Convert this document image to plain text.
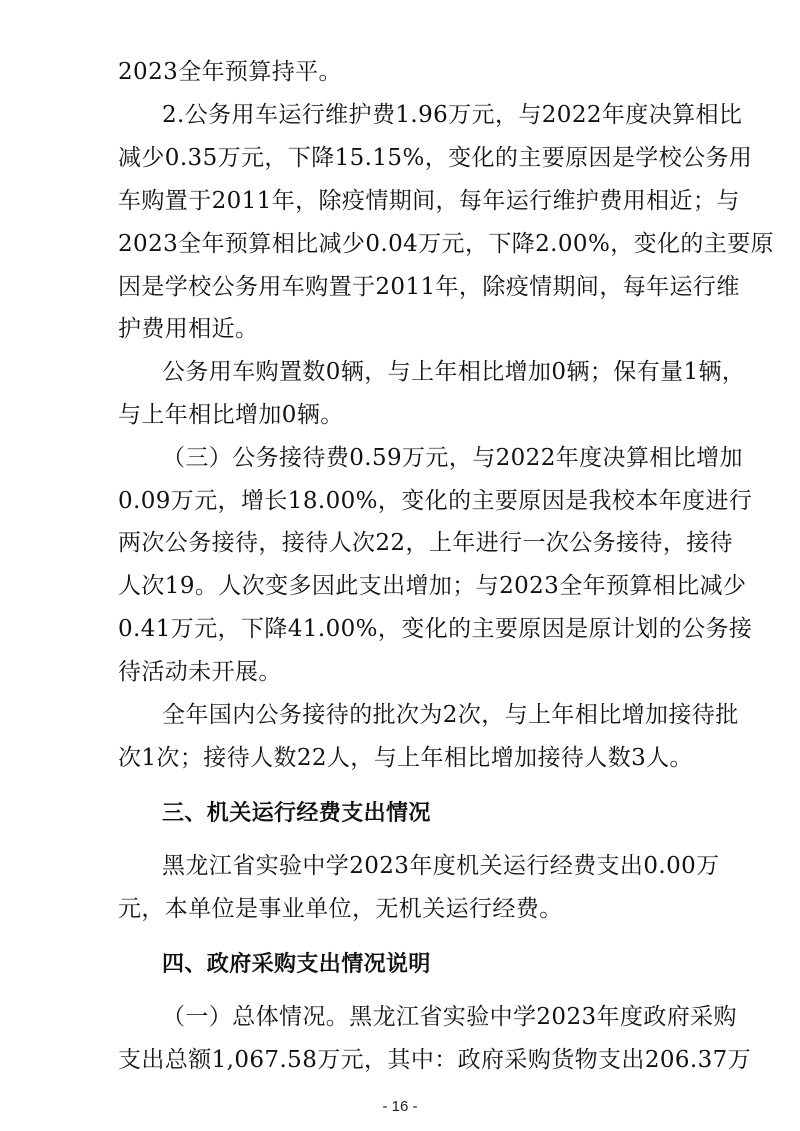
2023全年预算持平。
2.公务用车运行维护费1.96万元，与2022年度决算相比
减少0.35万元，下降15.15%，变化的主要原因是学校公务用
车购置于2011年，除疫情期间，每年运行维护费用相近；与
2023全年预算相比减少0.04万元，下降2.00%，变化的主要原
因是学校公务用车购置于2011年，除疫情期间，每年运行维
护费用相近。
公务用车购置数0辆，与上年相比增加0辆；保有量1辆，
与上年相比增加0辆。
（三）公务接待费0.59万元，与2022年度决算相比增加
0.09万元，增长18.00%，变化的主要原因是我校本年度进行
两次公务接待，接待人次22，上年进行一次公务接待，接待
人次19。人次变多因此支出增加；与2023全年预算相比减少
0.41万元，下降41.00%，变化的主要原因是原计划的公务接
待活动未开展。
全年国内公务接待的批次为2次，与上年相比增加接待批
次1次；接待人数22人，与上年相比增加接待人数3人。
三、机关运行经费支出情况
黑龙江省实验中学2023年度机关运行经费支出0.00万
元，本单位是事业单位，无机关运行经费。
四、政府采购支出情况说明
（一）总体情况。黑龙江省实验中学2023年度政府采购
支出总额1,067.58万元，其中：政府采购货物支出206.37万
- 16 -
